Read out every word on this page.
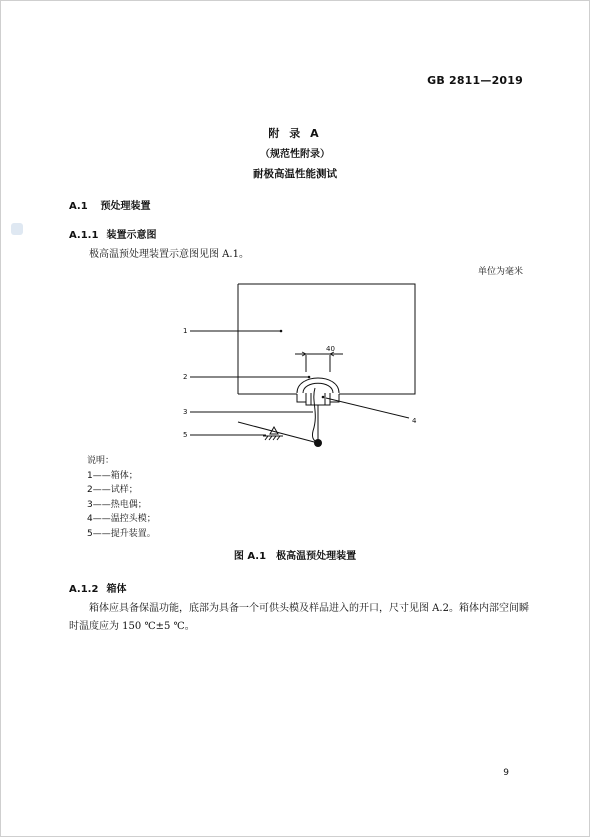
GB 2811—2019
附 录 A
（规范性附录）
耐极高温性能测试
A.1 预处理装置
A.1.1 装置示意图
极高温预处理装置示意图见图 A.1。
单位为毫米
1
2
3
4
5
40
说明：
1——箱体；
2——试样；
3——热电偶；
4——温控头模；
5——提升装置。
图 A.1　极高温预处理装置
A.1.2 箱体
箱体应具备保温功能，底部为具备一个可供头模及样品进入的开口，尺寸见图 A.2。箱体内部空间瞬时温度应为 150 ℃±5 ℃。
9
